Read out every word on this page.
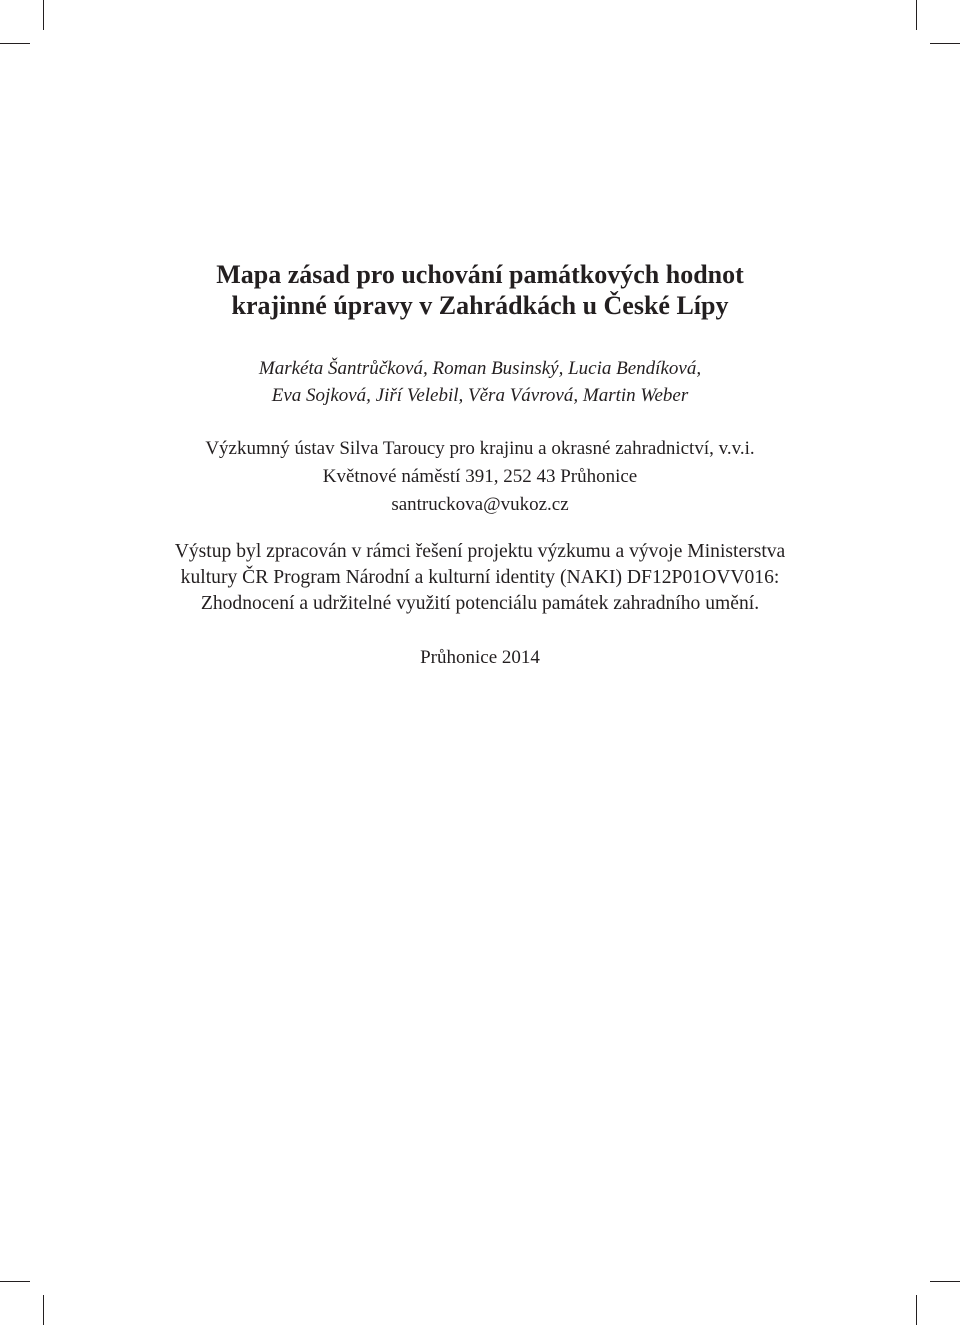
Mapa zásad pro uchování památkových hodnot
krajinné úpravy v Zahrádkách u České Lípy
Markéta Šantrůčková, Roman Businský, Lucia Bendíková,
Eva Sojková, Jiří Velebil, Věra Vávrová, Martin Weber
Výzkumný ústav Silva Taroucy pro krajinu a okrasné zahradnictví, v.v.i.
Květnové náměstí 391, 252 43 Průhonice
santruckova@vukoz.cz
Výstup byl zpracován v rámci řešení projektu výzkumu a vývoje Ministerstva
kultury ČR Program Národní a kulturní identity (NAKI) DF12P01OVV016:
Zhodnocení a udržitelné využití potenciálu památek zahradního umění.
Průhonice 2014
